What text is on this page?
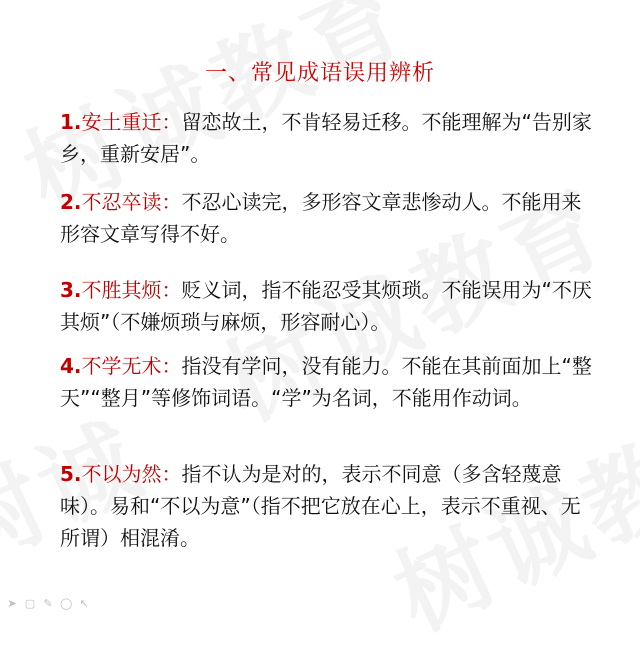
一、常见成语误用辨析
1.安土重迁：留恋故土，不肯轻易迁移。不能理解为“告别家乡，重新安居”。
2.不忍卒读：不忍心读完，多形容文章悲惨动人。不能用来形容文章写得不好。
3.不胜其烦：贬义词，指不能忍受其烦琐。不能误用为“不厌其烦”（不嫌烦琐与麻烦，形容耐心）。
4.不学无术：指没有学问，没有能力。不能在其前面加上“整天”“整月”等修饰词语。“学”为名词，不能用作动词。
5.不以为然：指不认为是对的，表示不同意（多含轻蔑意味）。易和“不以为意”（指不把它放在心上，表示不重视、无所谓）相混淆。
➤ ▢ ✎ ◯ ↖
